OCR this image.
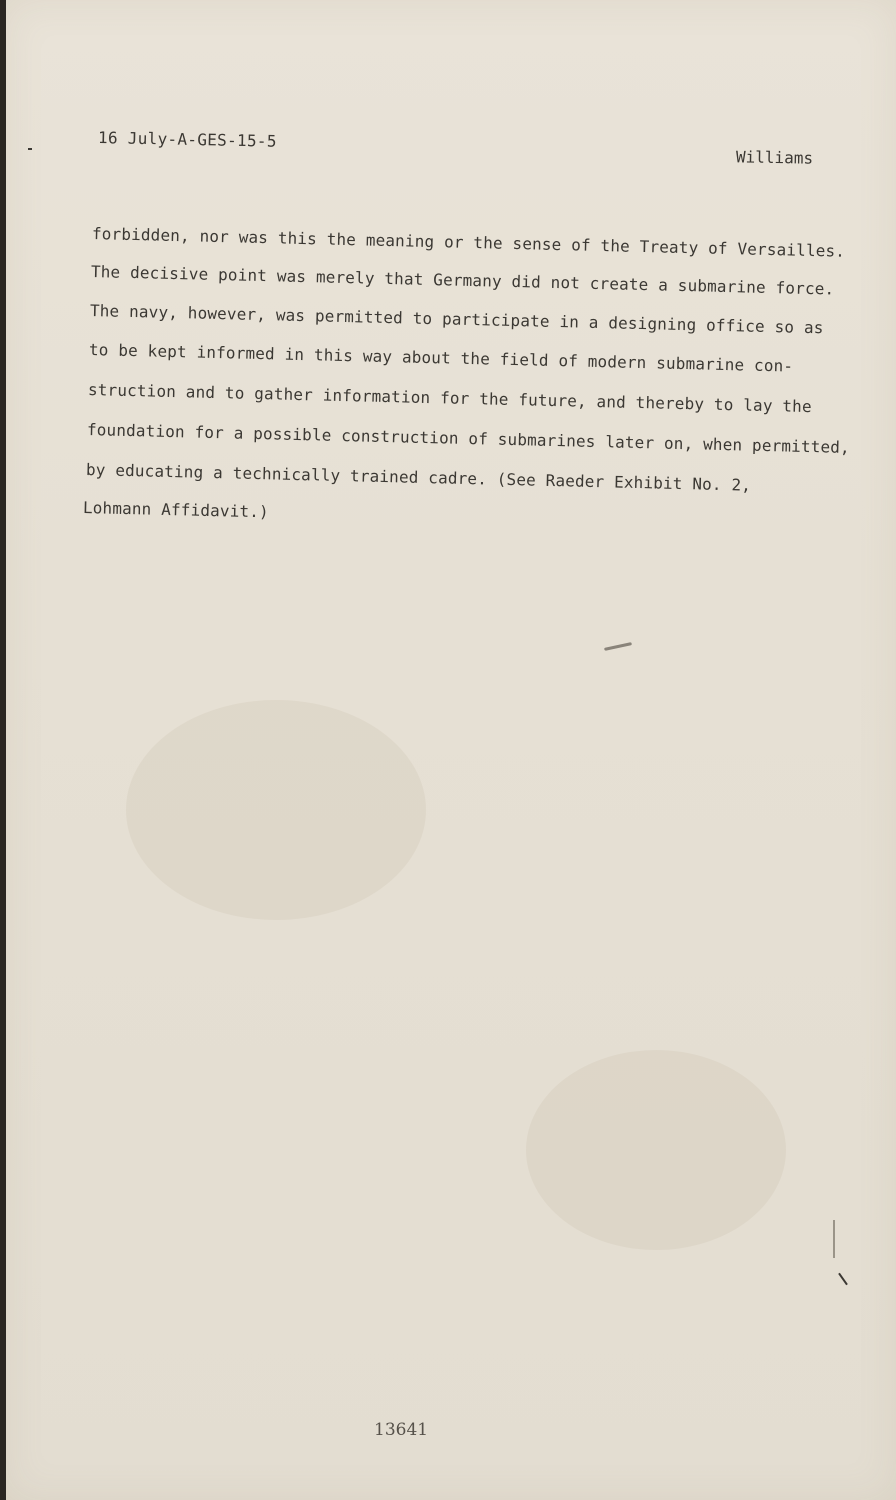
16 July-A-GES-15-5
Williams
forbidden, nor was this the meaning or the sense of the Treaty of Versailles.
The decisive point was merely that Germany did not create a submarine force.
The navy, however, was permitted to participate in a designing office so as
to be kept informed in this way about the field of modern submarine con-
struction and to gather information for the future, and thereby to lay the
foundation for a possible construction of submarines later on, when permitted,
by educating a technically trained cadre. (See Raeder Exhibit No. 2,
Lohmann Affidavit.)
13641
